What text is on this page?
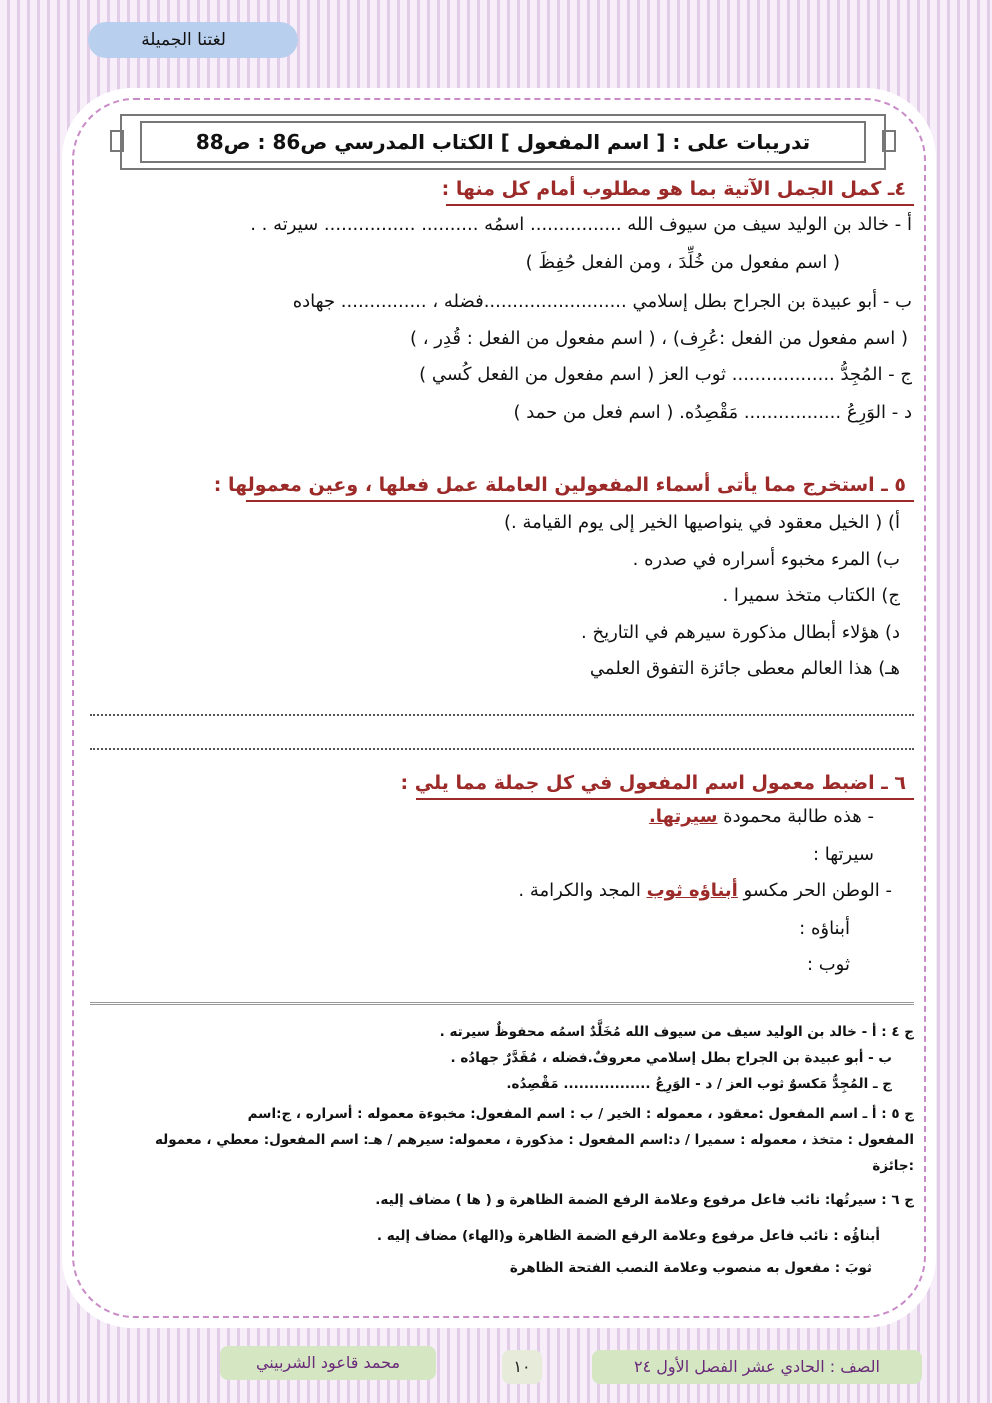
لغتنا الجميلة
تدريبات على : [ اسم المفعول ] الكتاب المدرسي ص86 : ص88
٤ـ كمل الجمل الآتية بما هو مطلوب أمام كل منها :
أ - خالد بن الوليد سيف من سيوف الله ................ اسمُه .......... ................ سيرته . .
( اسم مفعول من خُلِّدَ ، ومن الفعل حُفِظَ )
ب - أبو عبيدة بن الجراح بطل إسلامي .........................فضله ، ............... جهاده
( اسم مفعول من الفعل :عُرِف) ، ( اسم مفعول من الفعل : قُدِر ، )
ج - المُجِدُّ .................. ثوب العز ( اسم مفعول من الفعل كُسي )
د - الوَرِعُ ................. مَقْصِدُه. ( اسم فعل من حمد )
٥ ـ استخرج مما يأتى أسماء المفعولين العاملة عمل فعلها ، وعين معمولها :
أ) ( الخيل معقود في ينواصيها الخير إلى يوم القيامة .)
ب) المرء مخبوء أسراره في صدره .
ج) الكتاب متخذ سميرا .
د) هؤلاء أبطال مذكورة سيرهم في التاريخ .
هـ) هذا العالم معطى جائزة التفوق العلمي
٦ ـ اضبط معمول اسم المفعول في كل جملة مما يلي :
- هذه طالبة محمودة سيرتها.
سيرتها :
- الوطن الحر مكسو أبناؤه ثوب المجد والكرامة .
أبناؤه :
ثوب :
ج ٤ : أ - خالد بن الوليد سيف من سيوف الله مُخَلَّدٌ اسمُه محفوظٌ سيرته .
ب - أبو عبيدة بن الجراح بطل إسلامي معروفٌ.فضله ، مُقَدَّرٌ جهادُه .
ج ـ المُجِدُّ مَكسوٌ ثوب العز / د - الوَرِعُ ................. مَقْصِدُه.
ج ٥ : أ ـ اسم المفعول :معقود ، معموله : الخير / ب : اسم المفعول: مخبوءة معموله : أسراره ، ج:اسم
المفعول : متخذ ، معموله : سميرا / د:اسم المفعول : مذكورة ، معموله: سيرهم / هـ: اسم المفعول: معطي ، معموله
:جائزة
ج ٦ : سيرتُها: نائب فاعل مرفوع وعلامة الرفع الضمة الظاهرة و ( ها ) مضاف إليه.
أبناؤُه : نائب فاعل مرفوع وعلامة الرفع الضمة الظاهرة و(الهاء) مضاف إليه .
ثوبَ : مفعول به منصوب وعلامة النصب الفتحة الظاهرة
محمد قاعود الشربيني	١٠	الصف : الحادي عشر الفصل الأول ٢٤
